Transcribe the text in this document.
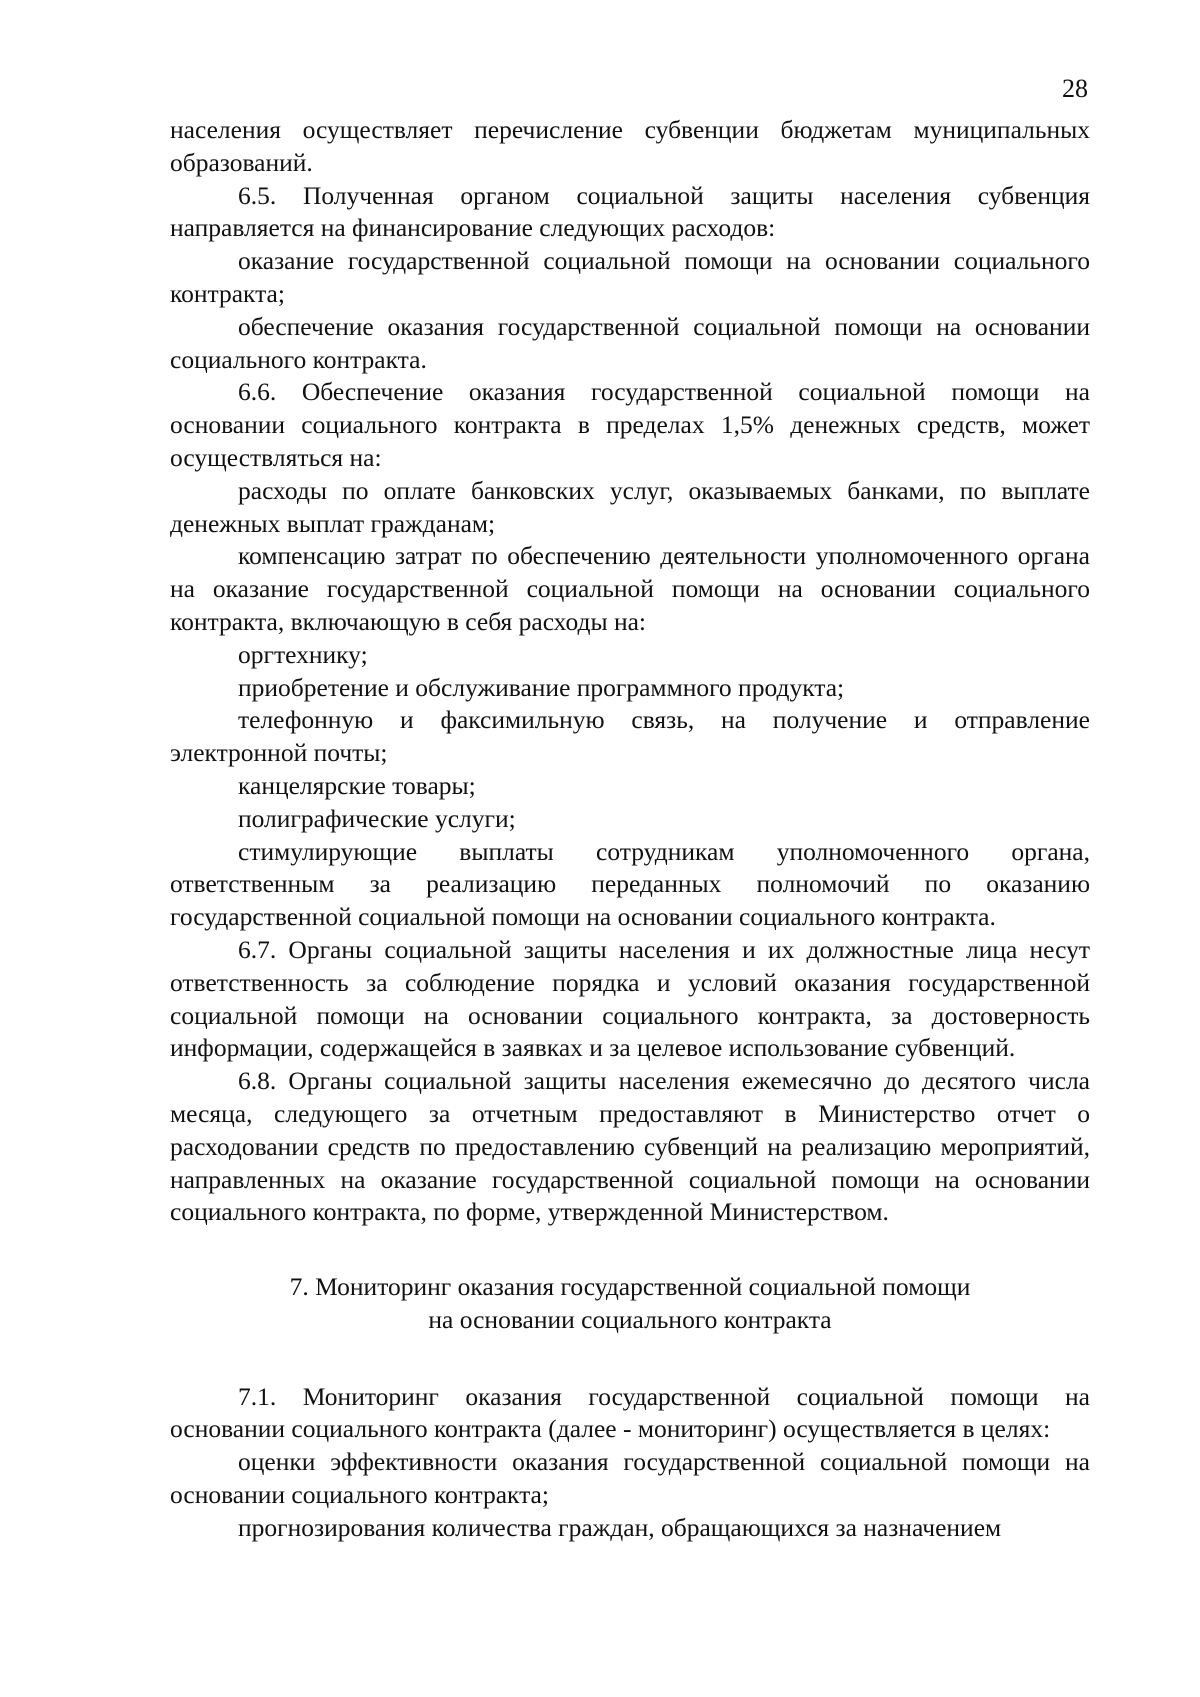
28

населения осуществляет перечисление субвенции бюджетам муниципальных образований.

6.5. Полученная органом социальной защиты населения субвенция направляется на финансирование следующих расходов:

оказание государственной социальной помощи на основании социального контракта;

обеспечение оказания государственной социальной помощи на основании социального контракта.

6.6. Обеспечение оказания государственной социальной помощи на основании социального контракта в пределах 1,5% денежных средств, может осуществляться на:

расходы по оплате банковских услуг, оказываемых банками, по выплате денежных выплат гражданам;

компенсацию затрат по обеспечению деятельности уполномоченного органа на оказание государственной социальной помощи на основании социального контракта, включающую в себя расходы на:

оргтехнику;

приобретение и обслуживание программного продукта;

телефонную и факсимильную связь, на получение и отправление электронной почты;

канцелярские товары;

полиграфические услуги;

стимулирующие выплаты сотрудникам уполномоченного органа, ответственным за реализацию переданных полномочий по оказанию государственной социальной помощи на основании социального контракта.

6.7. Органы социальной защиты населения и их должностные лица несут ответственность за соблюдение порядка и условий оказания государственной социальной помощи на основании социального контракта, за достоверность информации, содержащейся в заявках и за целевое использование субвенций.

6.8. Органы социальной защиты населения ежемесячно до десятого числа месяца, следующего за отчетным предоставляют в Министерство отчет о расходовании средств по предоставлению субвенций на реализацию мероприятий, направленных на оказание государственной социальной помощи на основании социального контракта, по форме, утвержденной Министерством.

7. Мониторинг оказания государственной социальной помощи
на основании социального контракта

7.1. Мониторинг оказания государственной социальной помощи на основании социального контракта (далее - мониторинг) осуществляется в целях:

оценки эффективности оказания государственной социальной помощи на основании социального контракта;

прогнозирования количества граждан, обращающихся за назначением
